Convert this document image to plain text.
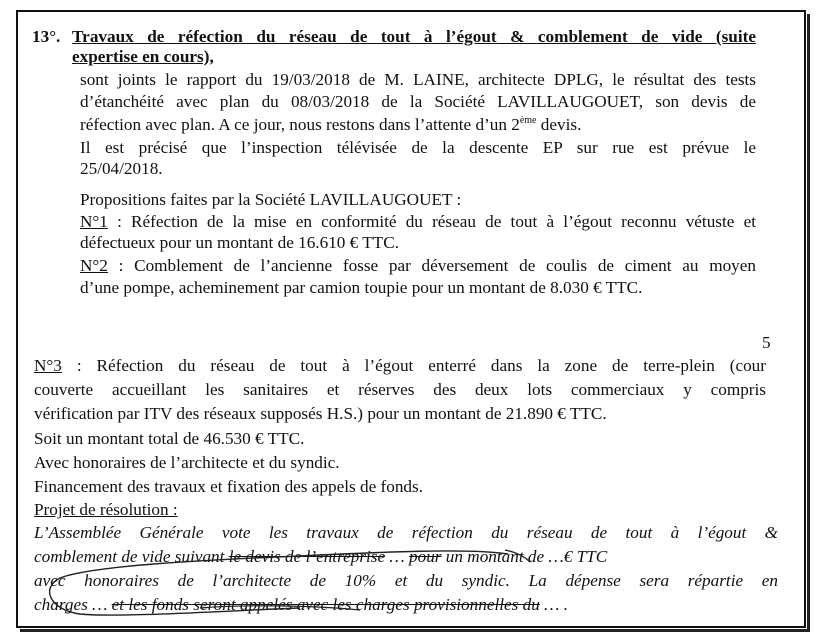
13°. Travaux de réfection du réseau de tout à l’égout & comblement de vide (suite
expertise en cours),
sont joints le rapport du 19/03/2018 de M. LAINE, architecte DPLG, le résultat des tests
d’étanchéité avec plan du 08/03/2018 de la Société LAVILLAUGOUET, son devis de
réfection avec plan. A ce jour, nous restons dans l’attente d’un 2ème devis.
Il est précisé que l’inspection télévisée de la descente EP sur rue est prévue le
25/04/2018.
Propositions faites par la Société LAVILLAUGOUET :
N°1 : Réfection de la mise en conformité du réseau de tout à l’égout reconnu vétuste et
défectueux pour un montant de 16.610 € TTC.
N°2 : Comblement de l’ancienne fosse par déversement de coulis de ciment au moyen
d’une pompe, acheminement par camion toupie pour un montant de 8.030 € TTC.
5
N°3 : Réfection du réseau de tout à l’égout enterré dans la zone de terre-plein (cour
couverte accueillant les sanitaires et réserves des deux lots commerciaux y compris
vérification par ITV des réseaux supposés H.S.) pour un montant de 21.890 € TTC.
Soit un montant total de 46.530 € TTC.
Avec honoraires de l’architecte et du syndic.
Financement des travaux et fixation des appels de fonds.
Projet de résolution :
L’Assemblée Générale vote les travaux de réfection du réseau de tout à l’égout &
comblement de vide suivant le devis de l’entreprise … pour un montant de …€ TTC
avec honoraires de l’architecte de 10% et du syndic. La dépense sera répartie en
charges … et les fonds seront appelés avec les charges provisionnelles du … .
